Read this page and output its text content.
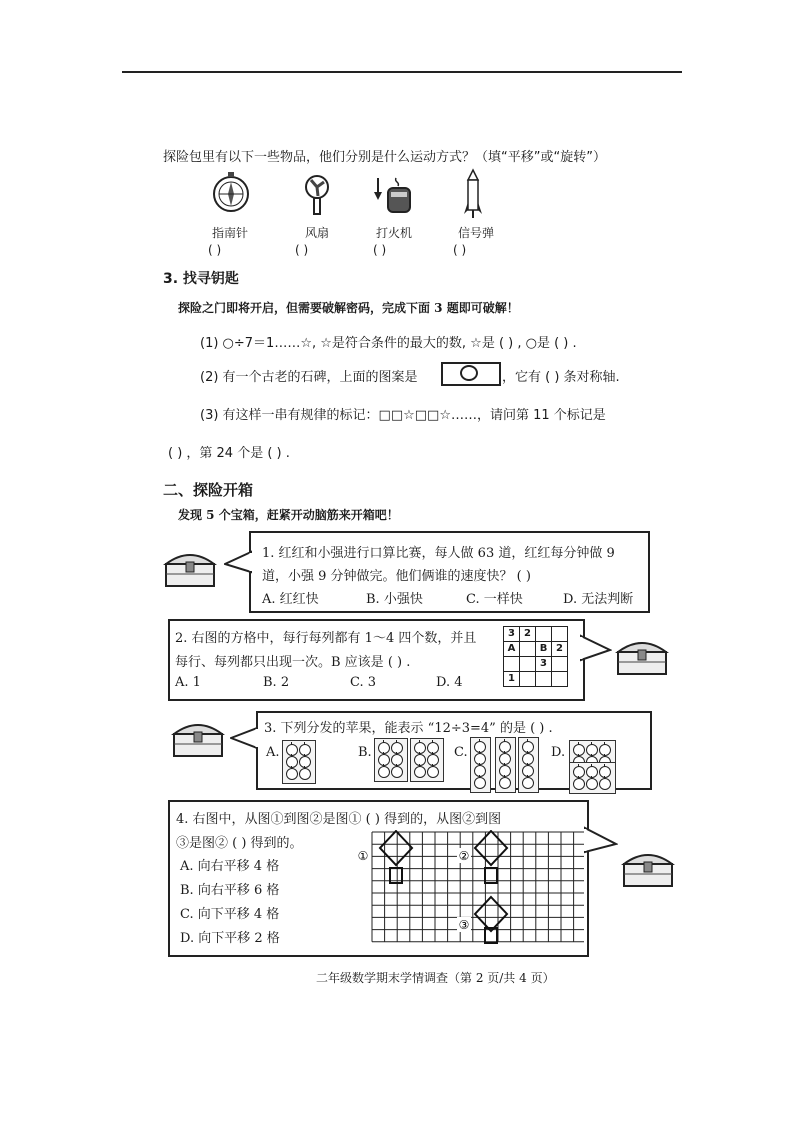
探险包里有以下一些物品，他们分别是什么运动方式？（填“平移”或“旋转”）
指南针	风扇	打火机	信号弹
( )	( )	( )	( )
3. 找寻钥匙
探险之门即将开启，但需要破解密码，完成下面 3 题即可破解！
(1) ○÷7＝1……☆, ☆是符合条件的最大的数, ☆是 ( ) , ○是 ( ) .
(2) 有一个古老的石碑，上面的图案是	，它有 ( ) 条对称轴.
(3) 有这样一串有规律的标记：□□☆□□☆……，请问第 11 个标记是
( ) ，第 24 个是 ( ) .
二、探险开箱
发现 5 个宝箱，赶紧开动脑筋来开箱吧！
1. 红红和小强进行口算比赛，每人做 63 道，红红每分钟做 9
道，小强 9 分钟做完。他们俩谁的速度快？ ( )
A. 红红快	B. 小强快	C. 一样快	D. 无法判断
2. 右图的方格中，每行每列都有 1～4 四个数，并且
每行、每列都只出现一次。B 应该是 ( ) .
A. 1	B. 2	C. 3	D. 4
3	2		
A		B	2
		3	
1			
3. 下列分发的苹果，能表示 “12÷3=4” 的是 ( ) .
A.	B.	C.	D.
4. 右图中，从图①到图②是图① ( ) 得到的，从图②到图
③是图② ( ) 得到的。
A. 向右平移 4 格
B. 向右平移 6 格
C. 向下平移 4 格
D. 向下平移 2 格
①	②
③
二年级数学期末学情调查（第 2 页/共 4 页）
